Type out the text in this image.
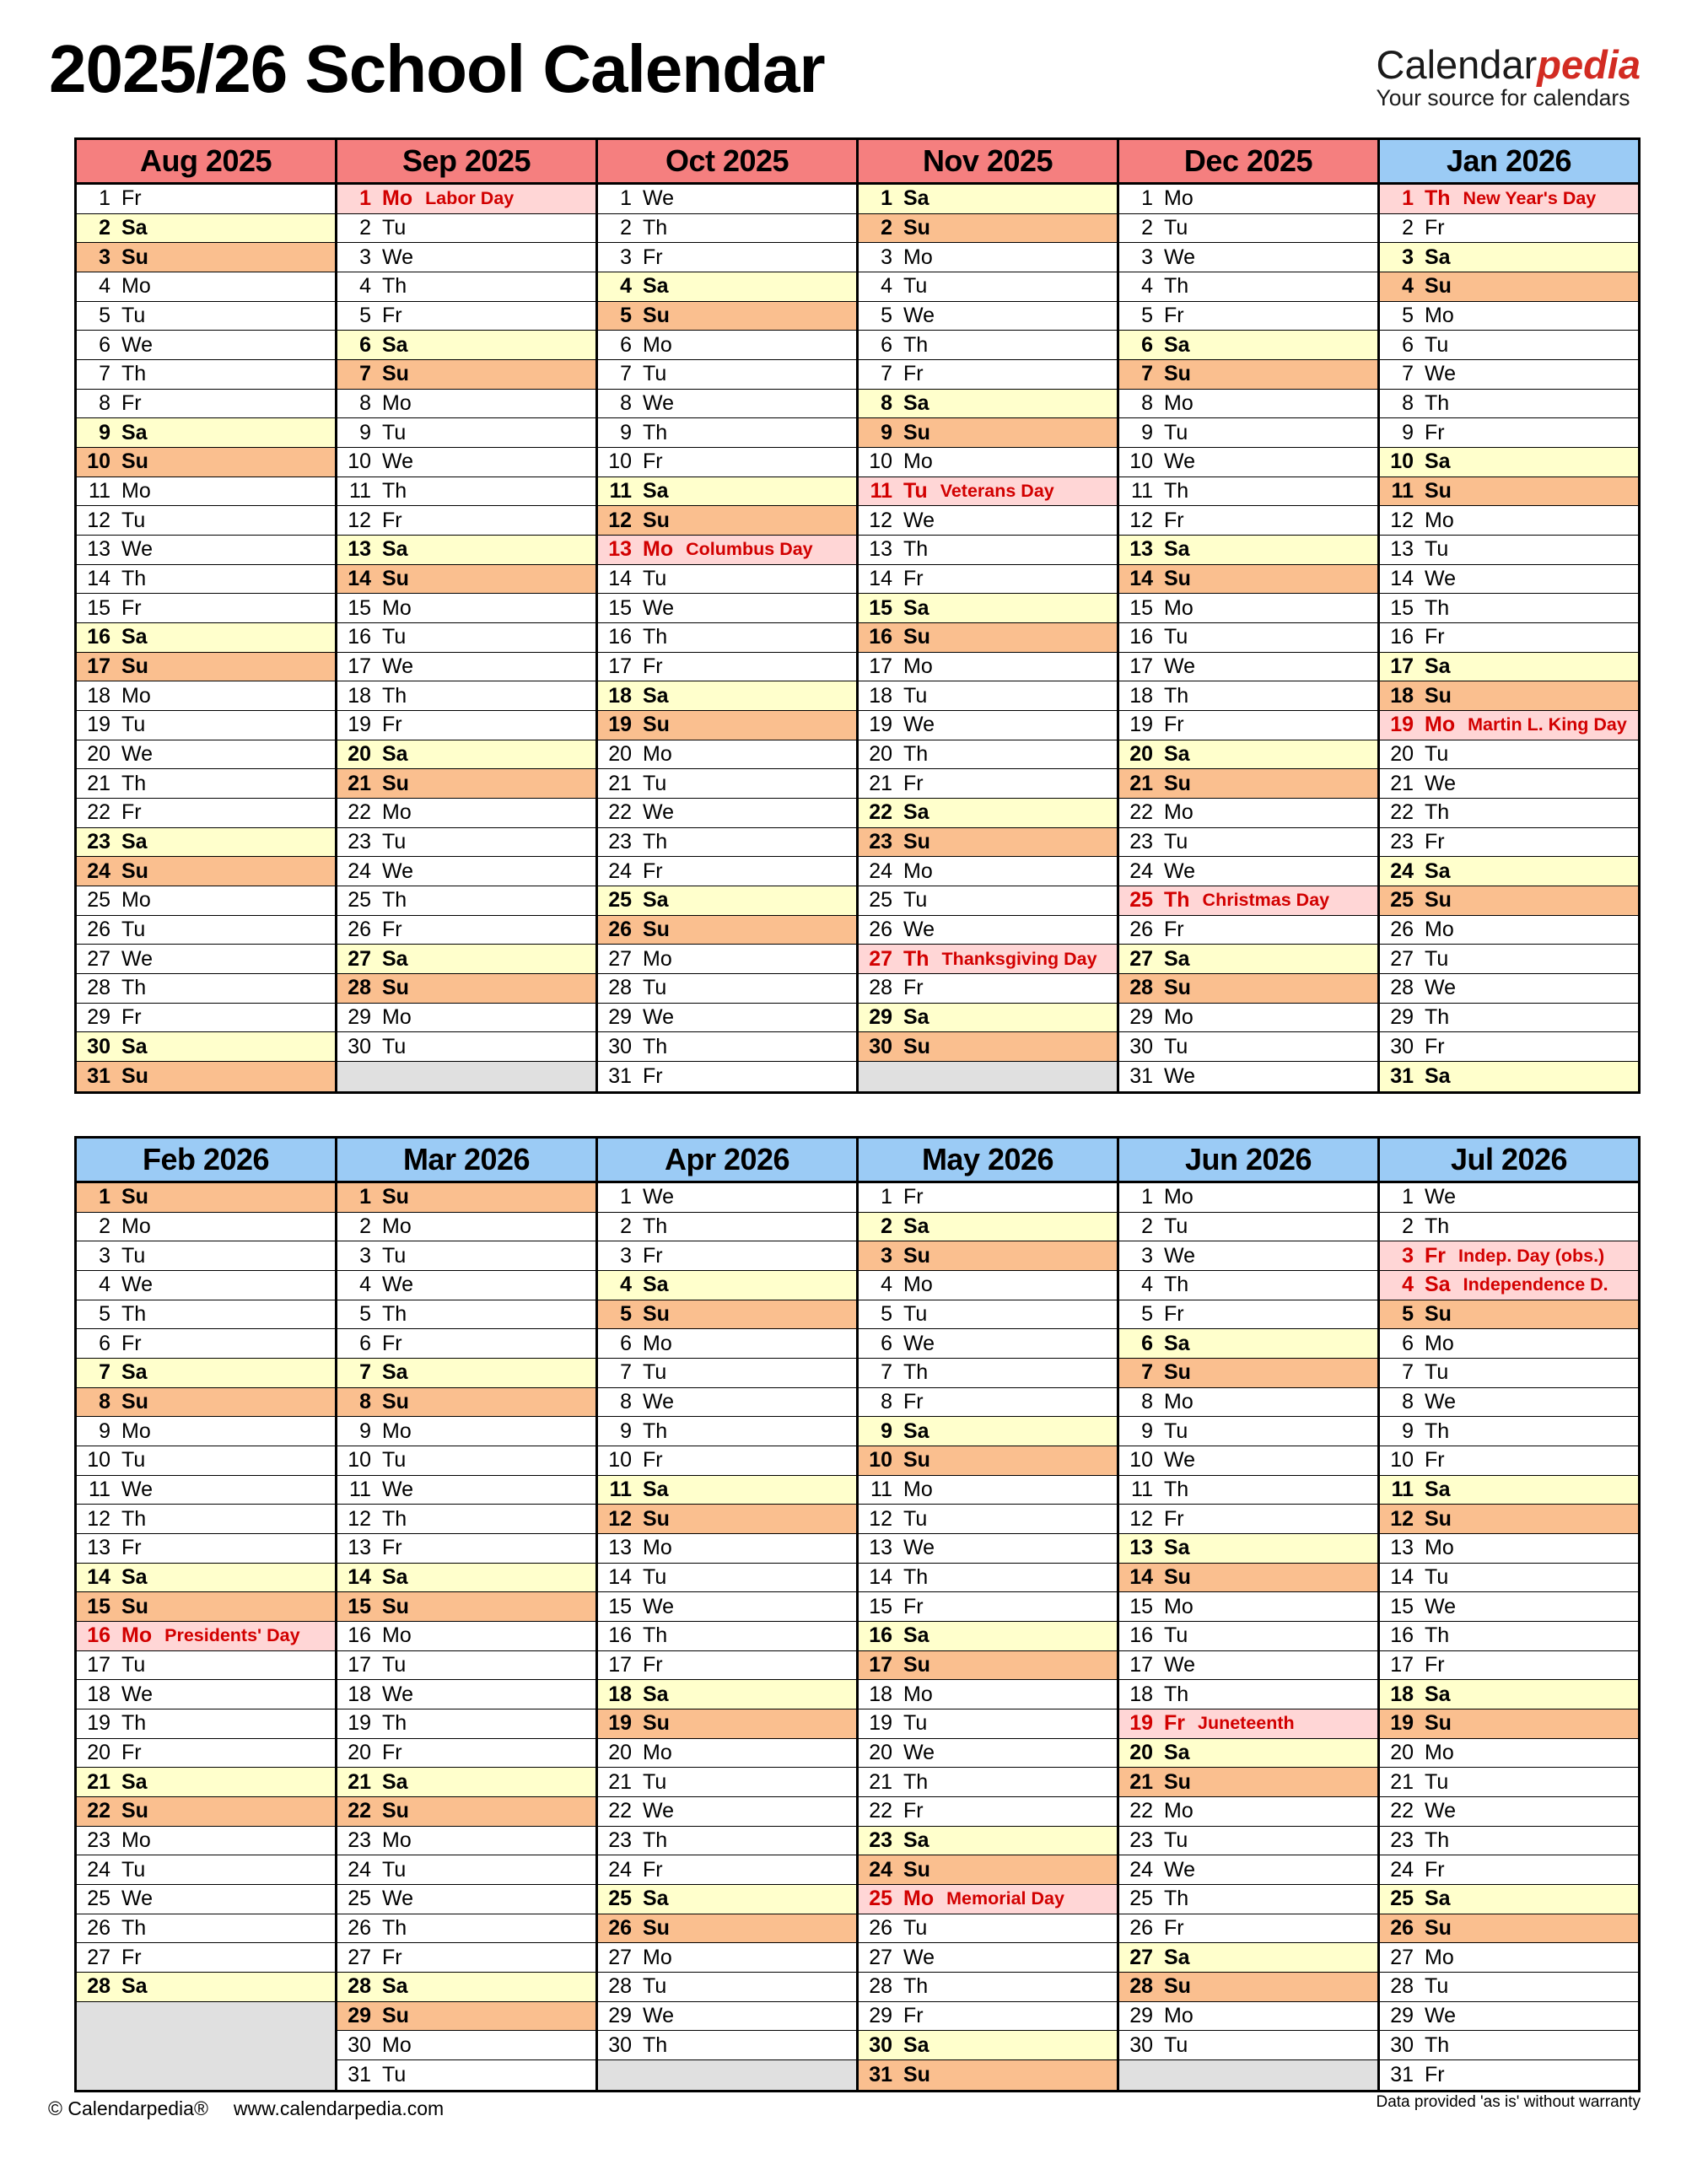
2025/26 School Calendar	Calendarpedia
Your source for calendars
Aug 2025
1 Fr
2 Sa
3 Su
4 Mo
5 Tu
6 We
7 Th
8 Fr
9 Sa
10 Su
11 Mo
12 Tu
13 We
14 Th
15 Fr
16 Sa
17 Su
18 Mo
19 Tu
20 We
21 Th
22 Fr
23 Sa
24 Su
25 Mo
26 Tu
27 We
28 Th
29 Fr
30 Sa
31 Su
Sep 2025
1 Mo Labor Day
2 Tu
3 We
4 Th
5 Fr
6 Sa
7 Su
8 Mo
9 Tu
10 We
11 Th
12 Fr
13 Sa
14 Su
15 Mo
16 Tu
17 We
18 Th
19 Fr
20 Sa
21 Su
22 Mo
23 Tu
24 We
25 Th
26 Fr
27 Sa
28 Su
29 Mo
30 Tu
Oct 2025
1 We
2 Th
3 Fr
4 Sa
5 Su
6 Mo
7 Tu
8 We
9 Th
10 Fr
11 Sa
12 Su
13 Mo Columbus Day
14 Tu
15 We
16 Th
17 Fr
18 Sa
19 Su
20 Mo
21 Tu
22 We
23 Th
24 Fr
25 Sa
26 Su
27 Mo
28 Tu
29 We
30 Th
31 Fr
Nov 2025
1 Sa
2 Su
3 Mo
4 Tu
5 We
6 Th
7 Fr
8 Sa
9 Su
10 Mo
11 Tu Veterans Day
12 We
13 Th
14 Fr
15 Sa
16 Su
17 Mo
18 Tu
19 We
20 Th
21 Fr
22 Sa
23 Su
24 Mo
25 Tu
26 We
27 Th Thanksgiving Day
28 Fr
29 Sa
30 Su
Dec 2025
1 Mo
2 Tu
3 We
4 Th
5 Fr
6 Sa
7 Su
8 Mo
9 Tu
10 We
11 Th
12 Fr
13 Sa
14 Su
15 Mo
16 Tu
17 We
18 Th
19 Fr
20 Sa
21 Su
22 Mo
23 Tu
24 We
25 Th Christmas Day
26 Fr
27 Sa
28 Su
29 Mo
30 Tu
31 We
Jan 2026
1 Th New Year's Day
2 Fr
3 Sa
4 Su
5 Mo
6 Tu
7 We
8 Th
9 Fr
10 Sa
11 Su
12 Mo
13 Tu
14 We
15 Th
16 Fr
17 Sa
18 Su
19 Mo Martin L. King Day
20 Tu
21 We
22 Th
23 Fr
24 Sa
25 Su
26 Mo
27 Tu
28 We
29 Th
30 Fr
31 Sa
Feb 2026
1 Su
2 Mo
3 Tu
4 We
5 Th
6 Fr
7 Sa
8 Su
9 Mo
10 Tu
11 We
12 Th
13 Fr
14 Sa
15 Su
16 Mo Presidents' Day
17 Tu
18 We
19 Th
20 Fr
21 Sa
22 Su
23 Mo
24 Tu
25 We
26 Th
27 Fr
28 Sa
Mar 2026
1 Su
2 Mo
3 Tu
4 We
5 Th
6 Fr
7 Sa
8 Su
9 Mo
10 Tu
11 We
12 Th
13 Fr
14 Sa
15 Su
16 Mo
17 Tu
18 We
19 Th
20 Fr
21 Sa
22 Su
23 Mo
24 Tu
25 We
26 Th
27 Fr
28 Sa
29 Su
30 Mo
31 Tu
Apr 2026
1 We
2 Th
3 Fr
4 Sa
5 Su
6 Mo
7 Tu
8 We
9 Th
10 Fr
11 Sa
12 Su
13 Mo
14 Tu
15 We
16 Th
17 Fr
18 Sa
19 Su
20 Mo
21 Tu
22 We
23 Th
24 Fr
25 Sa
26 Su
27 Mo
28 Tu
29 We
30 Th
May 2026
1 Fr
2 Sa
3 Su
4 Mo
5 Tu
6 We
7 Th
8 Fr
9 Sa
10 Su
11 Mo
12 Tu
13 We
14 Th
15 Fr
16 Sa
17 Su
18 Mo
19 Tu
20 We
21 Th
22 Fr
23 Sa
24 Su
25 Mo Memorial Day
26 Tu
27 We
28 Th
29 Fr
30 Sa
31 Su
Jun 2026
1 Mo
2 Tu
3 We
4 Th
5 Fr
6 Sa
7 Su
8 Mo
9 Tu
10 We
11 Th
12 Fr
13 Sa
14 Su
15 Mo
16 Tu
17 We
18 Th
19 Fr Juneteenth
20 Sa
21 Su
22 Mo
23 Tu
24 We
25 Th
26 Fr
27 Sa
28 Su
29 Mo
30 Tu
Jul 2026
1 We
2 Th
3 Fr Indep. Day (obs.)
4 Sa Independence D.
5 Su
6 Mo
7 Tu
8 We
9 Th
10 Fr
11 Sa
12 Su
13 Mo
14 Tu
15 We
16 Th
17 Fr
18 Sa
19 Su
20 Mo
21 Tu
22 We
23 Th
24 Fr
25 Sa
26 Su
27 Mo
28 Tu
29 We
30 Th
31 Fr
© Calendarpedia® www.calendarpedia.com	Data provided 'as is' without warranty
